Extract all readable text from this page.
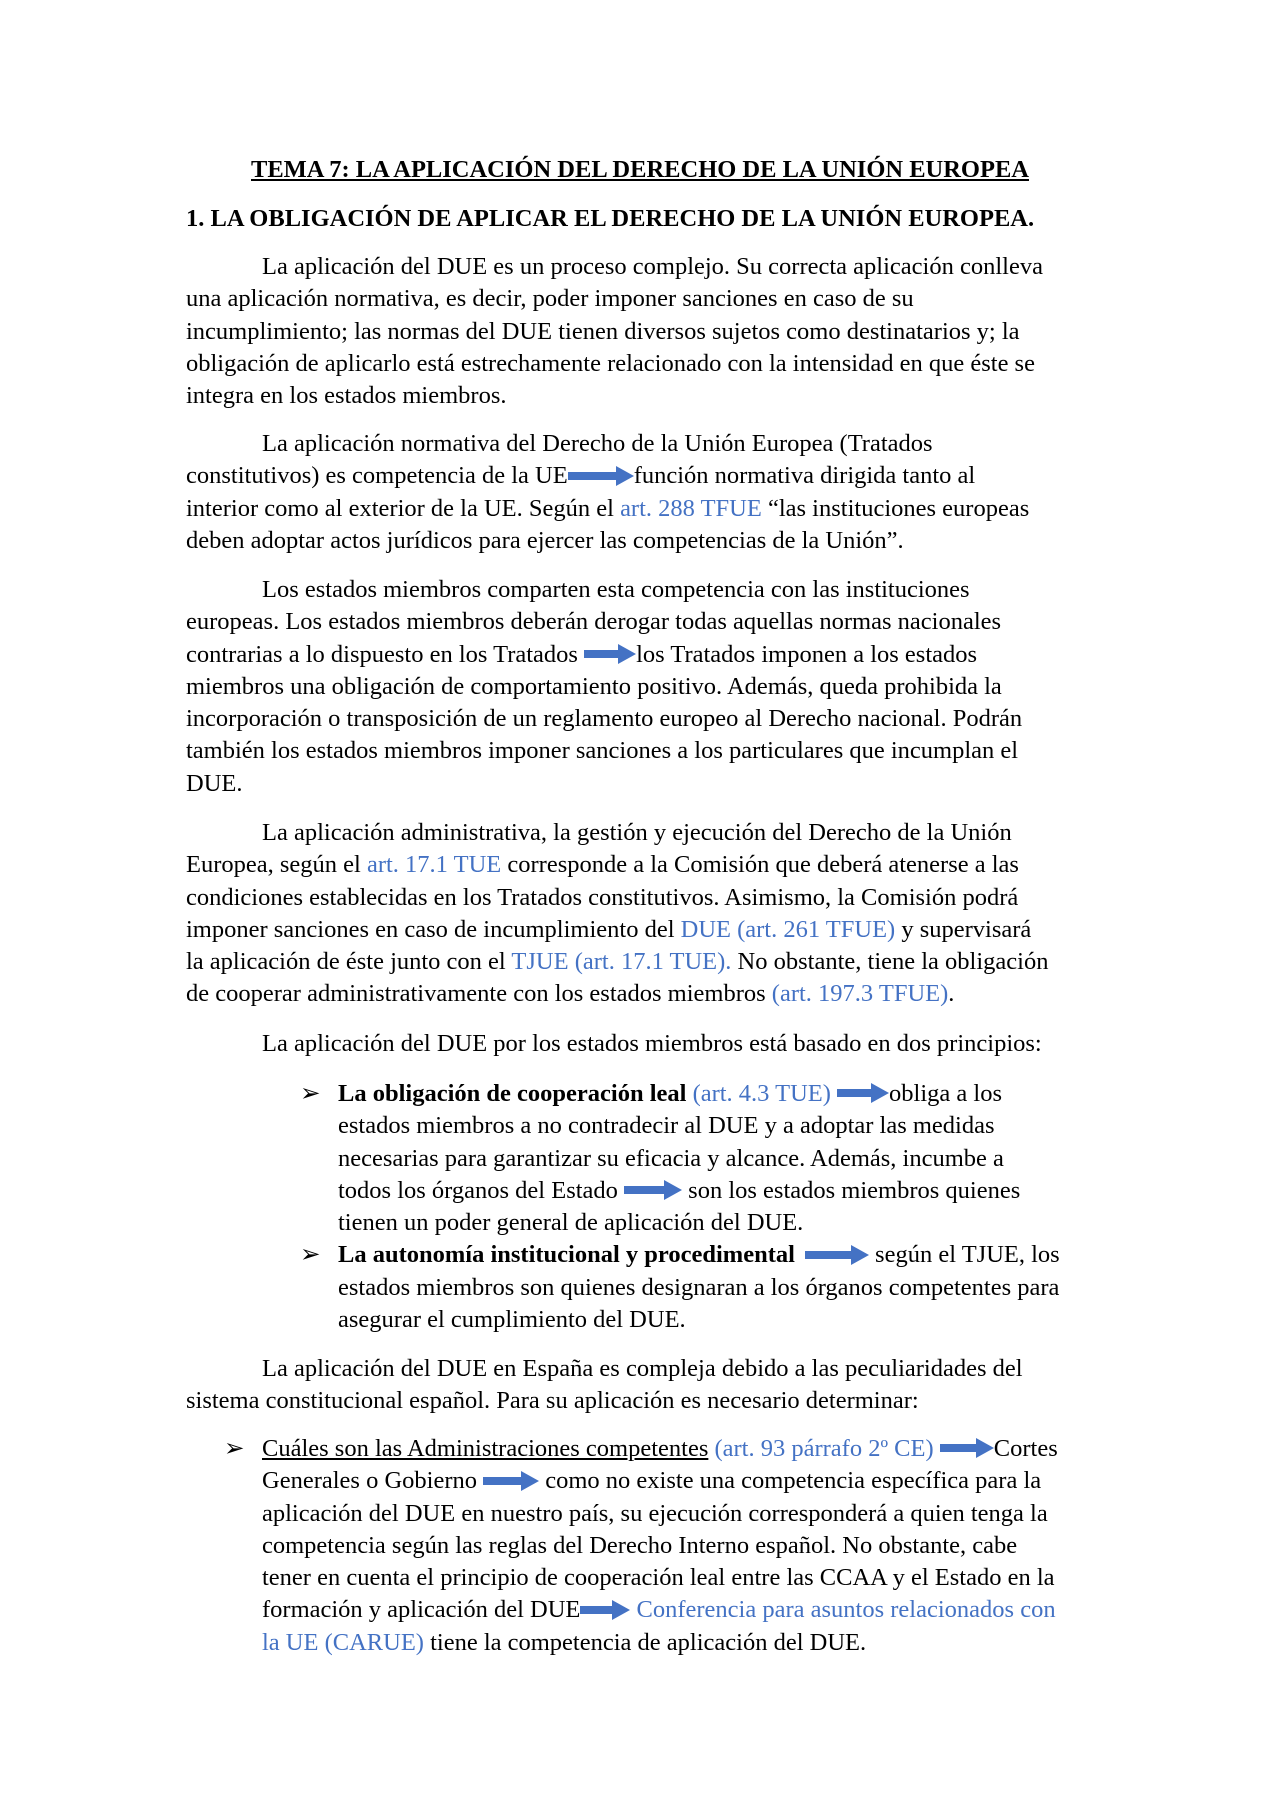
TEMA 7: LA APLICACIÓN DEL DERECHO DE LA UNIÓN EUROPEA
1. LA OBLIGACIÓN DE APLICAR EL DERECHO DE LA UNIÓN EUROPEA.
La aplicación del DUE es un proceso complejo. Su correcta aplicación conlleva
una aplicación normativa, es decir, poder imponer sanciones en caso de su
incumplimiento; las normas del DUE tienen diversos sujetos como destinatarios y; la
obligación de aplicarlo está estrechamente relacionado con la intensidad en que éste se
integra en los estados miembros.
La aplicación normativa del Derecho de la Unión Europea (Tratados
constitutivos) es competencia de la UE	función normativa dirigida tanto al
interior como al exterior de la UE. Según el art. 288 TFUE “las instituciones europeas
deben adoptar actos jurídicos para ejercer las competencias de la Unión”.
Los estados miembros comparten esta competencia con las instituciones
europeas. Los estados miembros deberán derogar todas aquellas normas nacionales
contrarias a lo dispuesto en los Tratados los Tratados imponen a los estados
miembros una obligación de comportamiento positivo. Además, queda prohibida la
incorporación o transposición de un reglamento europeo al Derecho nacional. Podrán
también los estados miembros imponer sanciones a los particulares que incumplan el
DUE.
La aplicación administrativa, la gestión y ejecución del Derecho de la Unión
Europea, según el art. 17.1 TUE corresponde a la Comisión que deberá atenerse a las
condiciones establecidas en los Tratados constitutivos. Asimismo, la Comisión podrá
imponer sanciones en caso de incumplimiento del DUE (art. 261 TFUE) y supervisará
la aplicación de éste junto con el TJUE (art. 17.1 TUE). No obstante, tiene la obligación
de cooperar administrativamente con los estados miembros (art. 197.3 TFUE).
La aplicación del DUE por los estados miembros está basado en dos principios:
➢ La obligación de cooperación leal (art. 4.3 TUE) obliga a los
estados miembros a no contradecir al DUE y a adoptar las medidas
necesarias para garantizar su eficacia y alcance. Además, incumbe a
todos los órganos del Estado  son los estados miembros quienes
tienen un poder general de aplicación del DUE.
➢ La autonomía institucional y procedimental	según el TJUE, los
estados miembros son quienes designaran a los órganos competentes para
asegurar el cumplimiento del DUE.
La aplicación del DUE en España es compleja debido a las peculiaridades del
sistema constitucional español. Para su aplicación es necesario determinar:
➢ Cuáles son las Administraciones competentes (art. 93 párrafo 2º CE) Cortes
Generales o Gobierno  como no existe una competencia específica para la
aplicación del DUE en nuestro país, su ejecución corresponderá a quien tenga la
competencia según las reglas del Derecho Interno español. No obstante, cabe
tener en cuenta el principio de cooperación leal entre las CCAA y el Estado en la
formación y aplicación del DUE Conferencia para asuntos relacionados con
la UE (CARUE) tiene la competencia de aplicación del DUE.
